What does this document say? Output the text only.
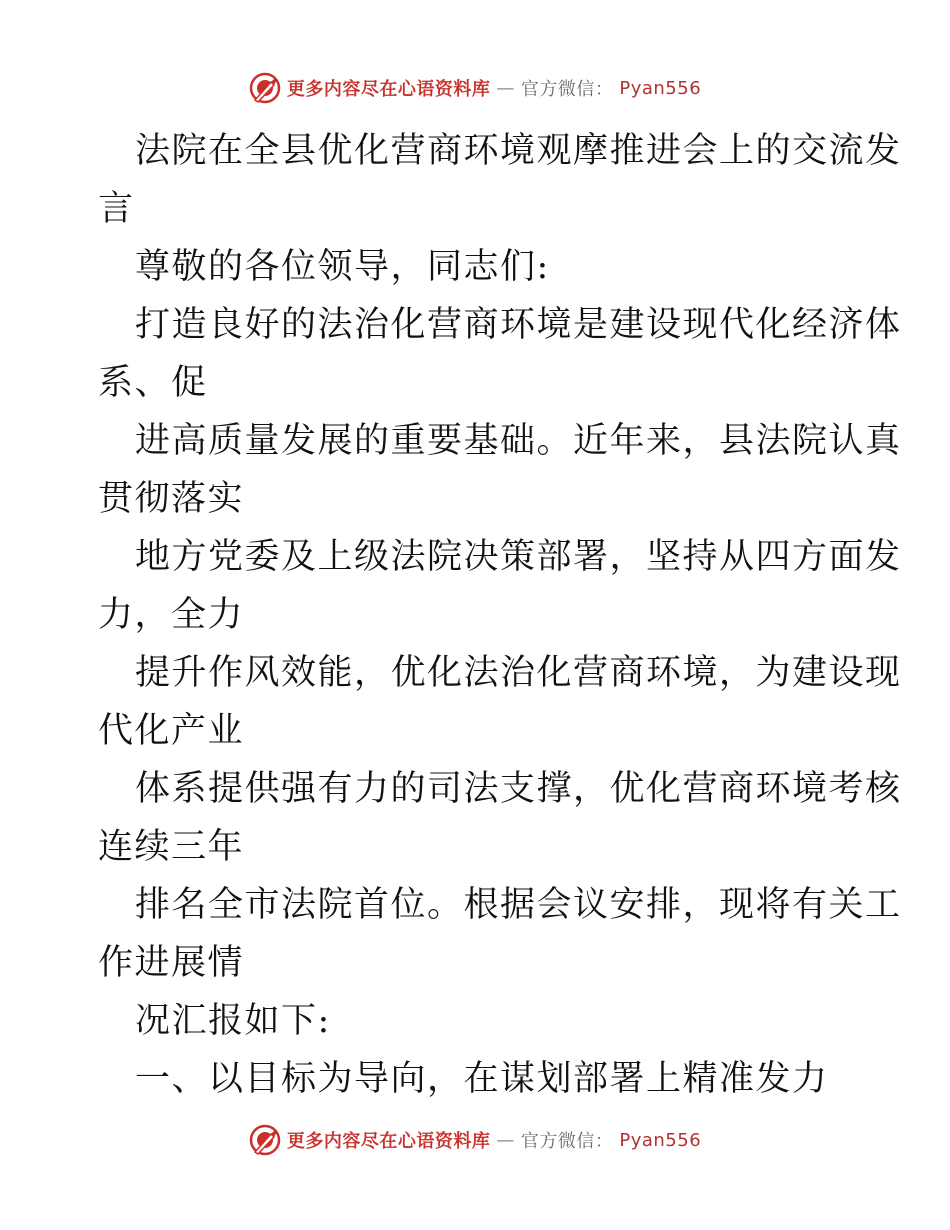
更多内容尽在心语资料库 — 官方微信： Pyan556
法院在全县优化营商环境观摩推进会上的交流发
言
尊敬的各位领导，同志们:
打造良好的法治化营商环境是建设现代化经济体
系、促
进高质量发展的重要基础。近年来，县法院认真
贯彻落实
地方党委及上级法院决策部署，坚持从四方面发
力，全力
提升作风效能，优化法治化营商环境，为建设现
代化产业
体系提供强有力的司法支撑，优化营商环境考核
连续三年
排名全市法院首位。根据会议安排，现将有关工
作进展情
况汇报如下:
一、以目标为导向，在谋划部署上精准发力
更多内容尽在心语资料库 — 官方微信： Pyan556
